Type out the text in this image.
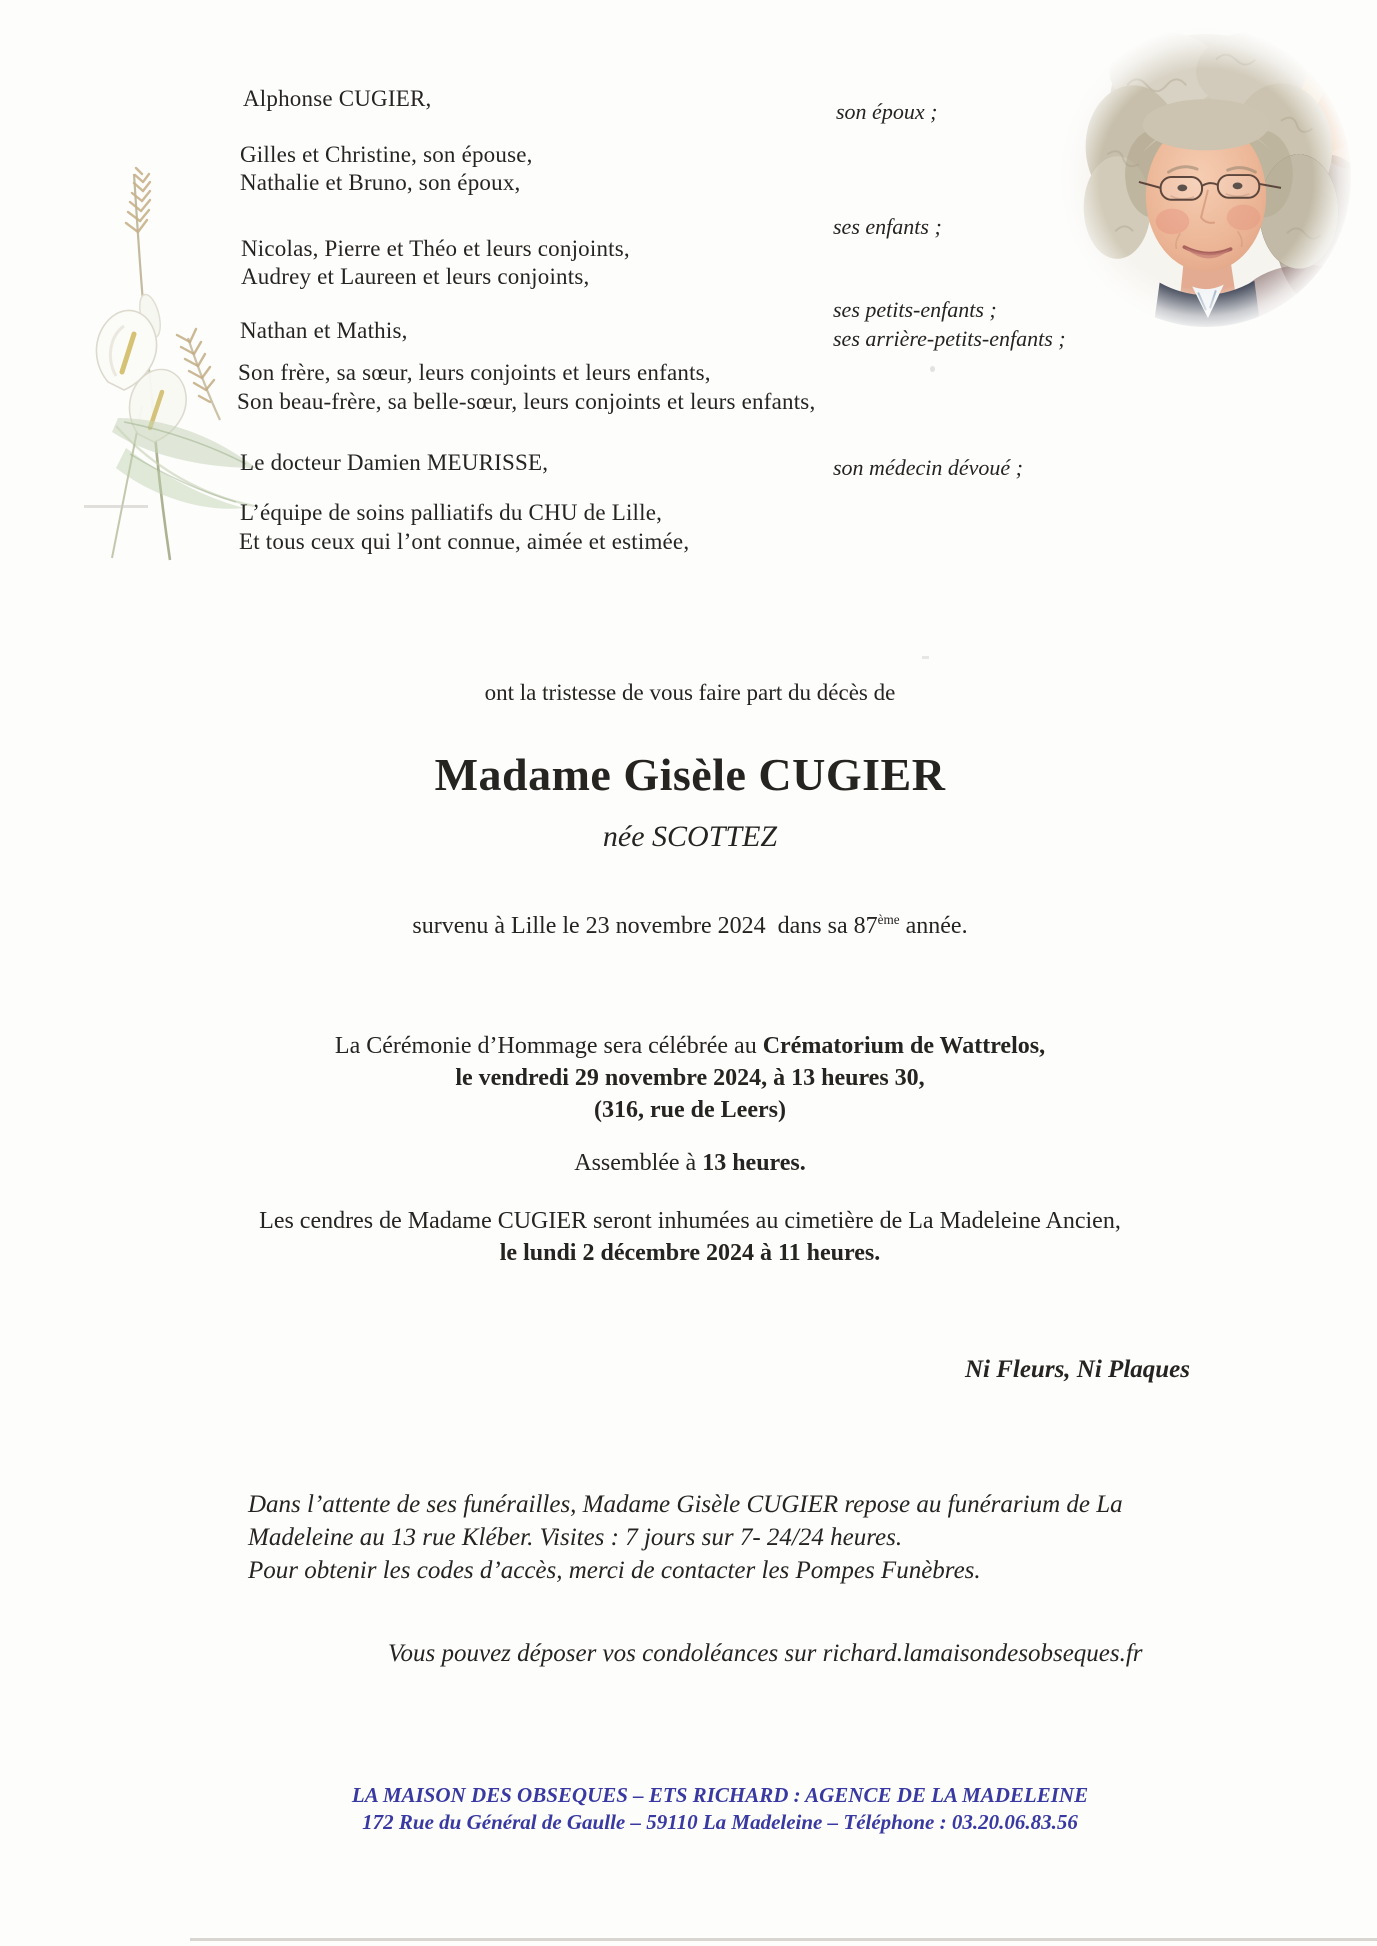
Alphonse CUGIER,
Gilles et Christine, son épouse,
Nathalie et Bruno, son époux,
Nicolas, Pierre et Théo et leurs conjoints,
Audrey et Laureen et leurs conjoints,
Nathan et Mathis,
Son frère, sa sœur, leurs conjoints et leurs enfants,
Son beau-frère, sa belle-sœur, leurs conjoints et leurs enfants,
Le docteur Damien MEURISSE,
L’équipe de soins palliatifs du CHU de Lille,
Et tous ceux qui l’ont connue, aimée et estimée,
son époux ;
ses enfants ;
ses petits-enfants ;
ses arrière-petits-enfants ;
son médecin dévoué ;
ont la tristesse de vous faire part du décès de
Madame Gisèle CUGIER
née SCOTTEZ
survenu à Lille le 23 novembre 2024 dans sa 87ème année.
La Cérémonie d’Hommage sera célébrée au Crématorium de Wattrelos,
le vendredi 29 novembre 2024, à 13 heures 30,
(316, rue de Leers)
Assemblée à 13 heures.
Les cendres de Madame CUGIER seront inhumées au cimetière de La Madeleine Ancien,
le lundi 2 décembre 2024 à 11 heures.
Ni Fleurs, Ni Plaques
Dans l’attente de ses funérailles, Madame Gisèle CUGIER repose au funérarium de La
Madeleine au 13 rue Kléber. Visites : 7 jours sur 7- 24/24 heures.
Pour obtenir les codes d’accès, merci de contacter les Pompes Funèbres.
Vous pouvez déposer vos condoléances sur richard.lamaisondesobseques.fr
LA MAISON DES OBSEQUES – ETS RICHARD : AGENCE DE LA MADELEINE
172 Rue du Général de Gaulle – 59110 La Madeleine – Téléphone : 03.20.06.83.56
